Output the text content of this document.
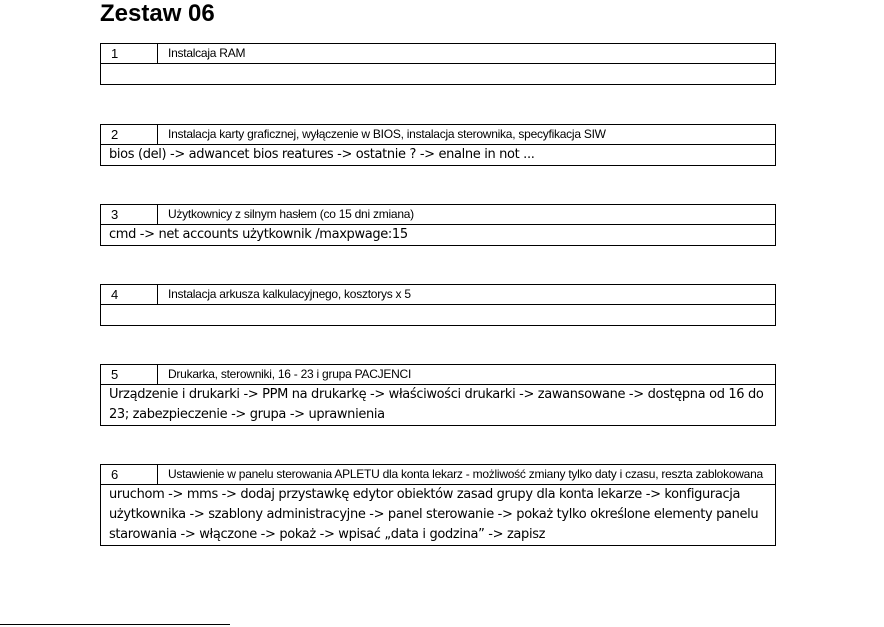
Zestaw 06
1	Instalcaja RAM
2	Instalacja karty graficznej, wyłączenie w BIOS, instalacja sterownika, specyfikacja SIW
bios (del) -> adwancet bios reatures -> ostatnie ? -> enalne in not ...
3	Użytkownicy z silnym hasłem (co 15 dni zmiana)
cmd -> net accounts użytkownik /maxpwage:15
4	Instalacja arkusza kalkulacyjnego, kosztorys x 5
5	Drukarka, sterowniki, 16 - 23 i grupa PACJENCI
Urządzenie i drukarki -> PPM na drukarkę -> właściwości drukarki -> zawansowane -> dostępna od 16 do 23; zabezpieczenie -> grupa -> uprawnienia
6	Ustawienie w panelu sterowania APLETU dla konta lekarz - możliwość zmiany tylko daty i czasu, reszta zablokowana
uruchom -> mms -> dodaj przystawkę edytor obiektów zasad grupy dla konta lekarze -> konfiguracja użytkownika -> szablony administracyjne -> panel sterowanie -> pokaż tylko określone elementy panelu starowania -> włączone -> pokaż -> wpisać „data i godzina” -> zapisz
